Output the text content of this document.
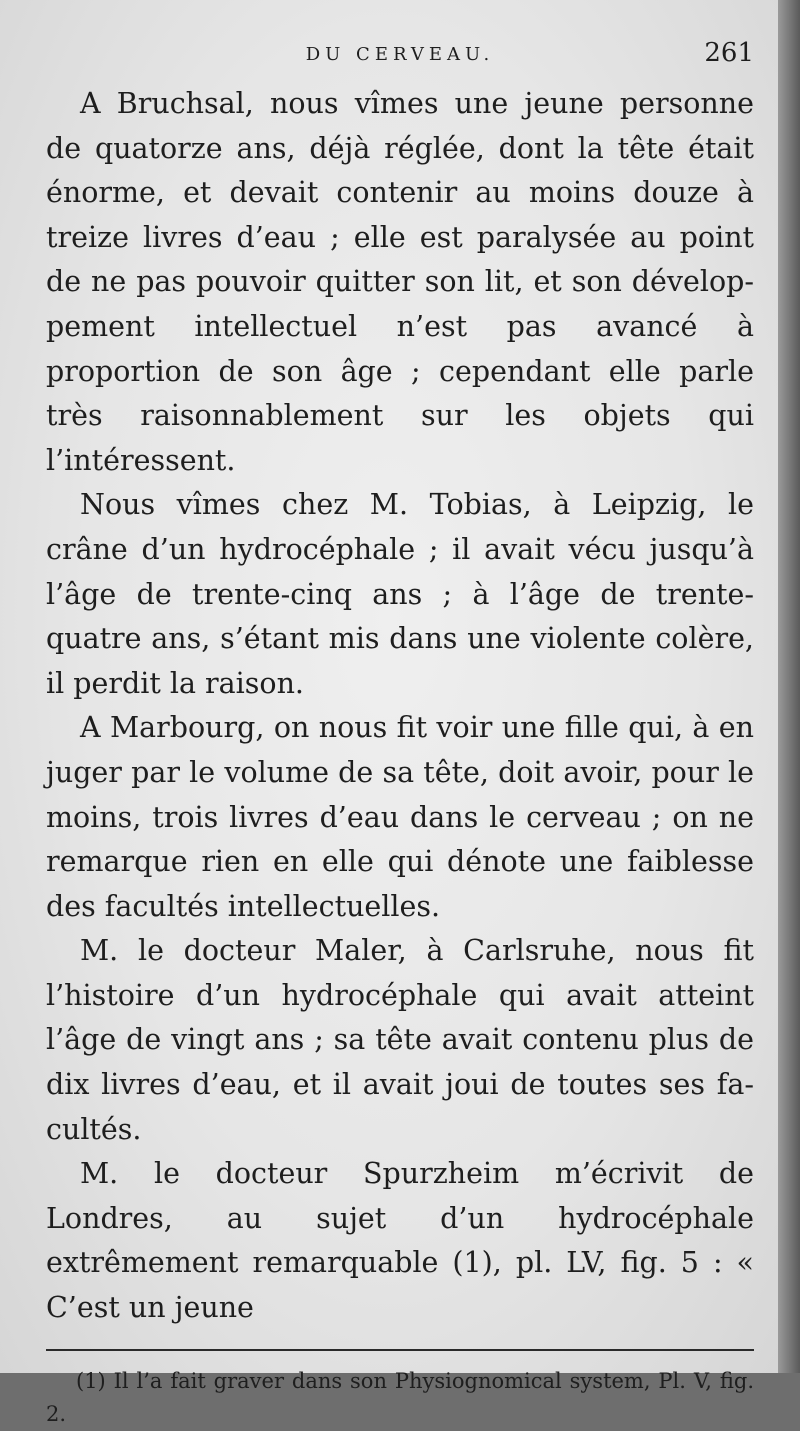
DU CERVEAU.	261

A Bruchsal, nous vîmes une jeune personne de quatorze ans, déjà réglée, dont la tête était énorme, et devait contenir au moins douze à treize livres d’eau ; elle est paralysée au point de ne pas pouvoir quitter son lit, et son développement intellectuel n’est pas avancé à proportion de son âge ; cependant elle parle très raisonnablement sur les objets qui l’intéressent.

Nous vîmes chez M. Tobias, à Leipzig, le crâne d’un hydrocéphale ; il avait vécu jusqu’à l’âge de trente-cinq ans ; à l’âge de trente-quatre ans, s’étant mis dans une violente colère, il perdit la raison.

A Marbourg, on nous fit voir une fille qui, à en juger par le volume de sa tête, doit avoir, pour le moins, trois livres d’eau dans le cerveau ; on ne remarque rien en elle qui dénote une faiblesse des facultés intellectuelles.

M. le docteur Maler, à Carlsruhe, nous fit l’histoire d’un hydrocéphale qui avait atteint l’âge de vingt ans ; sa tête avait contenu plus de dix livres d’eau, et il avait joui de toutes ses facultés.

M. le docteur Spurzheim m’écrivit de Londres, au sujet d’un hydrocéphale extrêmement remarquable (1), pl. LV, fig. 5 : « C’est un jeune

(1) Il l’a fait graver dans son Physiognomical system, Pl. V, fig. 2.
